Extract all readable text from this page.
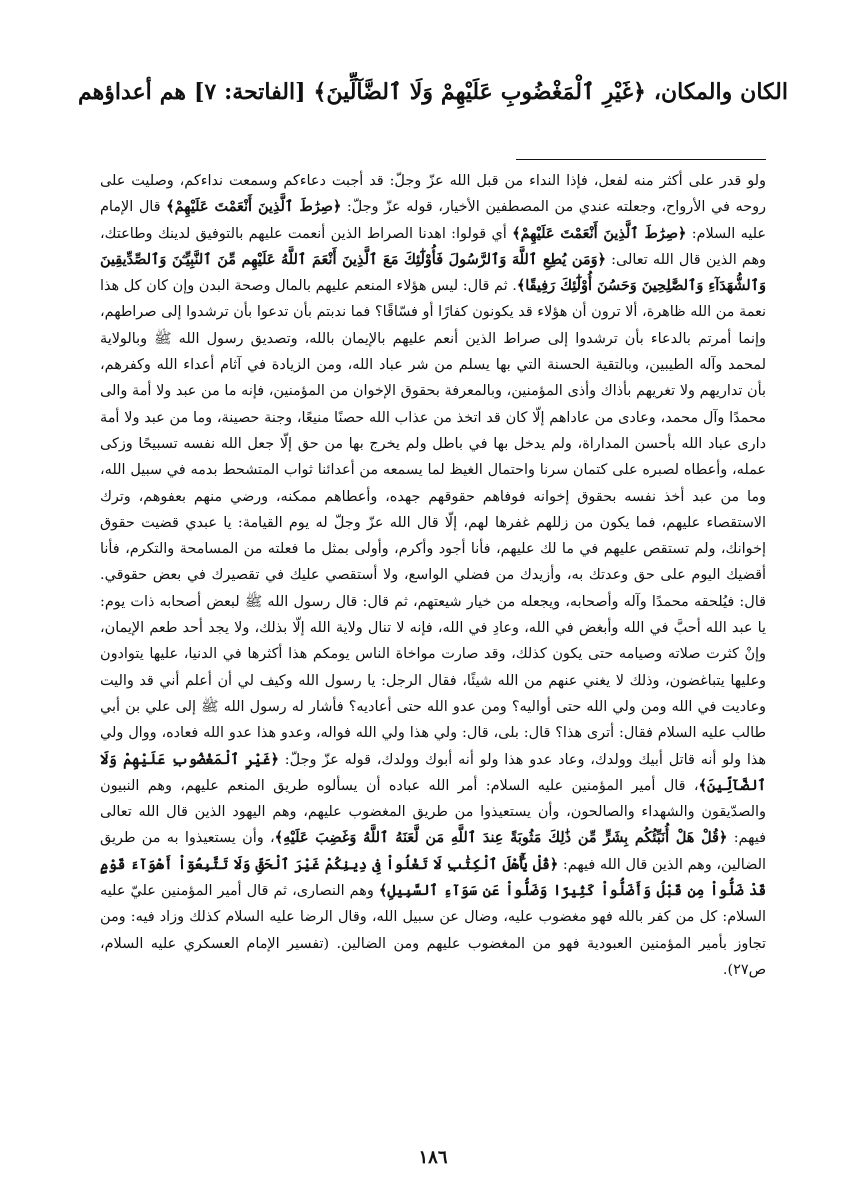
الكان والمكان، ﴿غَيْرِ ٱلْمَغْضُوبِ عَلَيْهِمْ وَلَا ٱلضَّآلِّينَ﴾ [الفاتحة: ٧] هم أعداؤهم
ولو قدر على أكثر منه لفعل، فإذا النداء من قبل الله عزّ وجلّ: قد أجبت دعاءكم وسمعت نداءكم، وصليت على روحه في الأرواح، وجعلته عندي من المصطفين الأخيار، قوله عزّ وجلّ: ﴿صِرَٰطَ ٱلَّذِينَ أَنْعَمْتَ عَلَيْهِمْ﴾ قال الإمام عليه السلام: ﴿صِرَٰطَ ٱلَّذِينَ أَنْعَمْتَ عَلَيْهِمْ﴾ أي قولوا: اهدنا الصراط الذين أنعمت عليهم بالتوفيق لدينك وطاعتك، وهم الذين قال الله تعالى: ﴿وَمَن يُطِعِ ٱللَّهَ وَٱلرَّسُولَ فَأُوْلَٰٓئِكَ مَعَ ٱلَّذِينَ أَنْعَمَ ٱللَّهُ عَلَيْهِم مِّنَ ٱلنَّبِيِّـۧنَ وَٱلصِّدِّيقِينَ وَٱلشُّهَدَآءِ وَٱلصَّٰلِحِينَ وَحَسُنَ أُوْلَٰٓئِكَ رَفِيقًا﴾. ثم قال: ليس هؤلاء المنعم عليهم بالمال وصحة البدن وإن كان كل هذا نعمة من الله ظاهرة، ألا ترون أن هؤلاء قد يكونون كفارًا أو فسّاقًا؟ فما ندبتم بأن تدعوا بأن ترشدوا إلى صراطهم، وإنما أمرتم بالدعاء بأن ترشدوا إلى صراط الذين أنعم عليهم بالإيمان بالله، وتصديق رسول الله ﷺ وبالولاية لمحمد وآله الطيبين، وبالتقية الحسنة التي بها يسلم من شر عباد الله، ومن الزيادة في آثام أعداء الله وكفرهم، بأن تداريهم ولا تغريهم بأذاك وأذى المؤمنين، وبالمعرفة بحقوق الإخوان من المؤمنين، فإنه ما من عبد ولا أمة والى محمدًا وآل محمد، وعادى من عاداهم إلّا كان قد اتخذ من عذاب الله حصنًا منيعًا، وجنة حصينة، وما من عبد ولا أمة دارى عباد الله بأحسن المداراة، ولم يدخل بها في باطل ولم يخرج بها من حق إلّا جعل الله نفسه تسبيحًا وزكى عمله، وأعطاه لصبره على كتمان سرنا واحتمال الغيظ لما يسمعه من أعدائنا ثواب المتشحط بدمه في سبيل الله، وما من عبد أخذ نفسه بحقوق إخوانه فوفاهم حقوقهم جهده، وأعطاهم ممكنه، ورضي منهم بعفوهم، وترك الاستقصاء عليهم، فما يكون من زللهم غفرها لهم، إلّا قال الله عزّ وجلّ له يوم القيامة: يا عبدي قضيت حقوق إخوانك، ولم تستقص عليهم في ما لك عليهم، فأنا أجود وأكرم، وأولى بمثل ما فعلته من المسامحة والتكرم، فأنا أقضيك اليوم على حق وعدتك به، وأزيدك من فضلي الواسع، ولا أستقصي عليك في تقصيرك في بعض حقوقي. قال: فيُلحقه محمدًا وآله وأصحابه، ويجعله من خيار شيعتهم، ثم قال: قال رسول الله ﷺ لبعض أصحابه ذات يوم: يا عبد الله أحبَّ في الله وأبغض في الله، وعادِ في الله، فإنه لا تنال ولاية الله إلّا بذلك، ولا يجد أحد طعم الإيمان، وإنْ كثرت صلاته وصيامه حتى يكون كذلك، وقد صارت مواخاة الناس يومكم هذا أكثرها في الدنيا، عليها يتوادون وعليها يتباغضون، وذلك لا يغني عنهم من الله شيئًا، فقال الرجل: يا رسول الله وكيف لي أن أعلم أني قد واليت وعاديت في الله ومن ولي الله حتى أواليه؟ ومن عدو الله حتى أعاديه؟ فأشار له رسول الله ﷺ إلى علي بن أبي طالب عليه السلام فقال: أترى هذا؟ قال: بلى، قال: ولي هذا ولي الله فواله، وعدو هذا عدو الله فعاده، ووال ولي هذا ولو أنه قاتل أبيك وولدك، وعاد عدو هذا ولو أنه أبوك وولدك، قوله عزّ وجلّ: ﴿غَيْرِ ٱلْمَغْضُوبِ عَلَيْهِمْ وَلَا ٱلضَّآلِّينَ﴾، قال أمير المؤمنين عليه السلام: أمر الله عباده أن يسألوه طريق المنعم عليهم، وهم النبيون والصدّيقون والشهداء والصالحون، وأن يستعيذوا من طريق المغضوب عليهم، وهم اليهود الذين قال الله تعالى فيهم: ﴿قُلْ هَلْ أُنَبِّئُكُم بِشَرٍّ مِّن ذَٰلِكَ مَثُوبَةً عِندَ ٱللَّهِ مَن لَّعَنَهُ ٱللَّهُ وَغَضِبَ عَلَيْهِ﴾، وأن يستعيذوا به من طريق الضالين، وهم الذين قال الله فيهم: ﴿قُلْ يَٰٓأَهْلَ ٱلْكِتَٰبِ لَا تَغْلُواْ فِى دِينِكُمْ غَيْرَ ٱلْحَقِّ وَلَا تَتَّبِعُوٓاْ أَهْوَآءَ قَوْمٍ قَدْ ضَلُّواْ مِن قَبْلُ وَأَضَلُّواْ كَثِيرًا وَضَلُّواْ عَن سَوَآءِ ٱلسَّبِيلِ﴾ وهم النصارى، ثم قال أمير المؤمنين عليّ عليه السلام: كل من كفر بالله فهو مغضوب عليه، وضال عن سبيل الله، وقال الرضا عليه السلام كذلك وزاد فيه: ومن تجاوز بأمير المؤمنين العبودية فهو من المغضوب عليهم ومن الضالين. (تفسير الإمام العسكري عليه السلام، ص٢٧).
١٨٦
